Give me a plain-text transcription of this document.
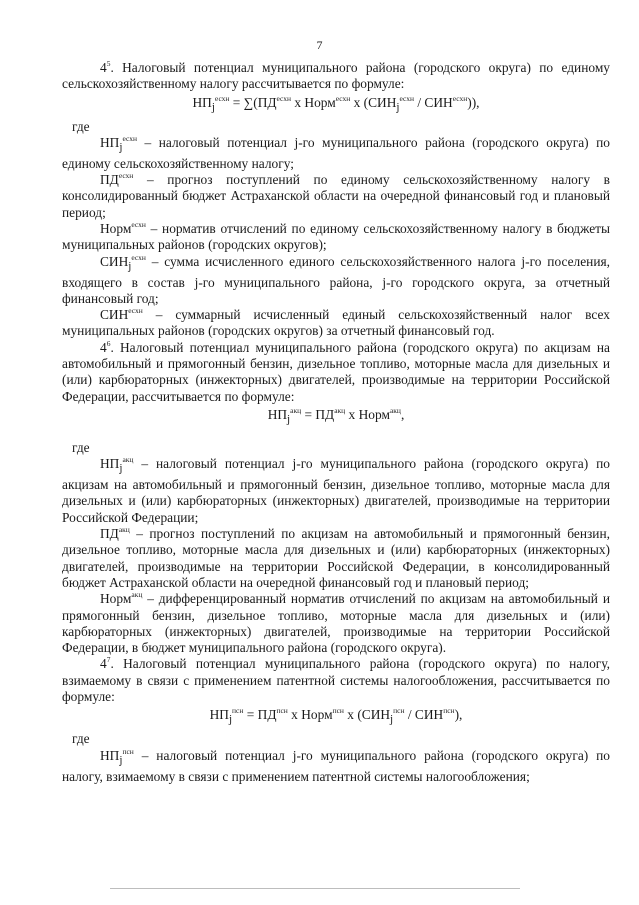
7

$4^5$. Налоговый потенциал муниципального района (городского округа) по единому сельскохозяйственному налогу рассчитывается по формуле:

$НП_j^{есхн} = \sum(ПД^{есхн}$ x Норм$^{есхн}$ x $(СИН_j^{есхн} / СИН^{есхн})$),

где

$НП_j^{есхн}$ – налоговый потенциал j-го муниципального района (городского округа) по единому сельскохозяйственному налогу;

$ПД^{есхн}$ – прогноз поступлений по единому сельскохозяйственному налогу в консолидированный бюджет Астраханской области на очередной финансовый год и плановый период;

Норм$^{есхн}$ – норматив отчислений по единому сельскохозяйственному налогу в бюджеты муниципальных районов (городских округов);

$СИН_j^{есхн}$ – сумма исчисленного единого сельскохозяйственного налога j-го поселения, входящего в состав j-го муниципального района, j-го городского округа, за отчетный финансовый год;

$СИН^{есхн}$ – суммарный исчисленный единый сельскохозяйственный налог всех муниципальных районов (городских округов) за отчетный финансовый год.

$4^6$. Налоговый потенциал муниципального района (городского округа) по акцизам на автомобильный и прямогонный бензин, дизельное топливо, моторные масла для дизельных и (или) карбюраторных (инжекторных) двигателей, производимые на территории Российской Федерации, рассчитывается по формуле:

$НП_j^{акц} = ПД^{акц}$ x Норм$^{акц}$,

где

$НП_j^{акц}$ – налоговый потенциал j-го муниципального района (городского округа) по акцизам на автомобильный и прямогонный бензин, дизельное топливо, моторные масла для дизельных и (или) карбюраторных (инжекторных) двигателей, производимые на территории Российской Федерации;

$ПД^{акц}$ – прогноз поступлений по акцизам на автомобильный и прямогонный бензин, дизельное топливо, моторные масла для дизельных и (или) карбюраторных (инжекторных) двигателей, производимые на территории Российской Федерации, в консолидированный бюджет Астраханской области на очередной финансовый год и плановый период;

Норм$^{акц}$ – дифференцированный норматив отчислений по акцизам на автомобильный и прямогонный бензин, дизельное топливо, моторные масла для дизельных и (или) карбюраторных (инжекторных) двигателей, производимые на территории Российской Федерации, в бюджет муниципального района (городского округа).

$4^7$. Налоговый потенциал муниципального района (городского округа) по налогу, взимаемому в связи с применением патентной системы налогообложения, рассчитывается по формуле:

$НП_j^{псн} = ПД^{псн}$ x Норм$^{псн}$ x $(СИН_j^{псн} / СИН^{псн})$,

где

$НП_j^{псн}$ – налоговый потенциал j-го муниципального района (городского округа) по налогу, взимаемому в связи с применением патентной системы налогообложения;
